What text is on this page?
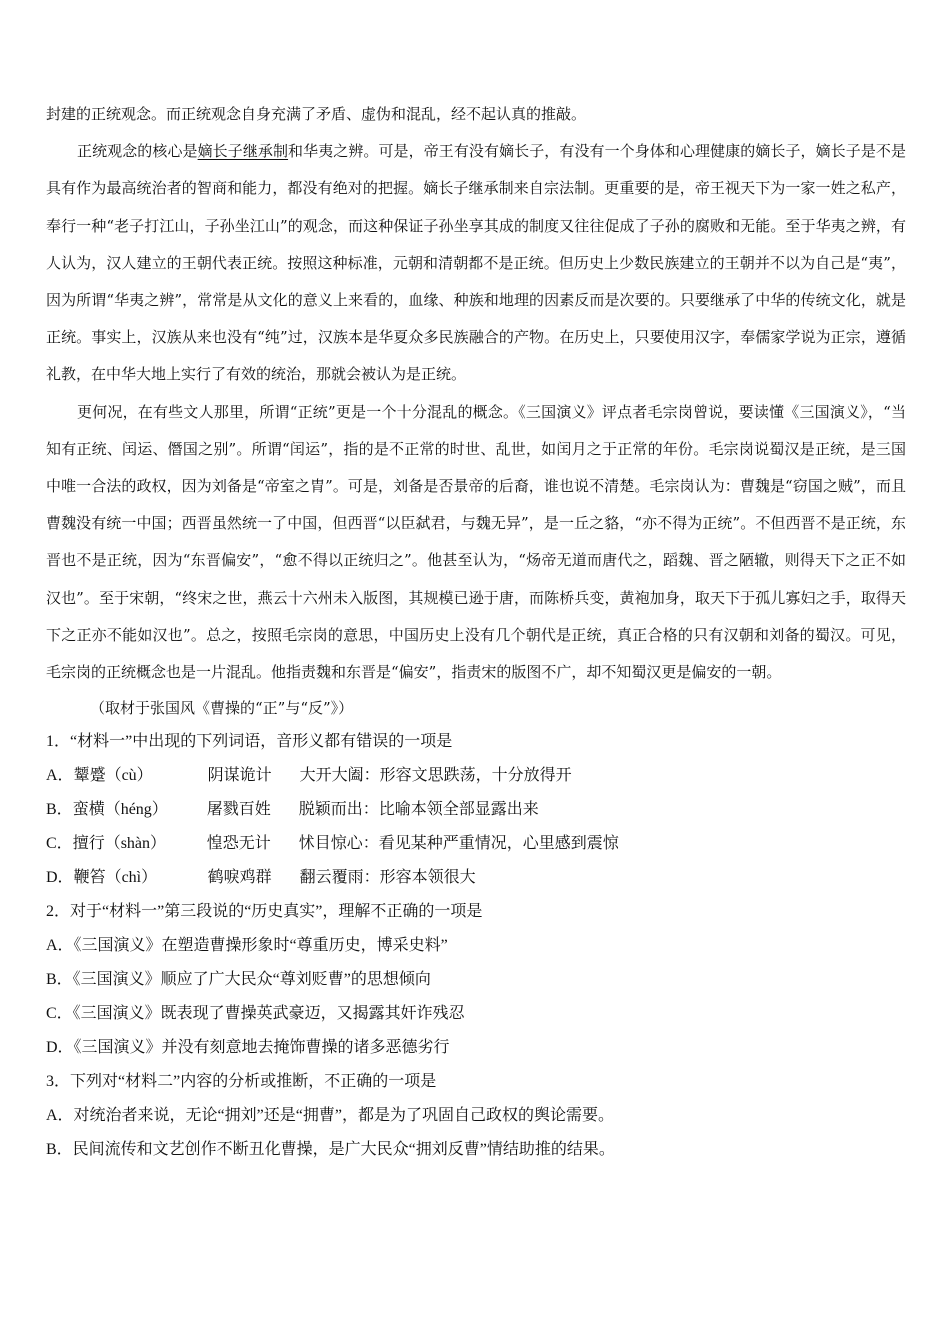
封建的正统观念。而正统观念自身充满了矛盾、虚伪和混乱，经不起认真的推敲。

正统观念的核心是嫡长子继承制和华夷之辨。可是，帝王有没有嫡长子，有没有一个身体和心理健康的嫡长子，嫡长子是不是具有作为最高统治者的智商和能力，都没有绝对的把握。嫡长子继承制来自宗法制。更重要的是，帝王视天下为一家一姓之私产，奉行一种“老子打江山，子孙坐江山”的观念，而这种保证子孙坐享其成的制度又往往促成了子孙的腐败和无能。至于华夷之辨，有人认为，汉人建立的王朝代表正统。按照这种标准，元朝和清朝都不是正统。但历史上少数民族建立的王朝并不以为自己是“夷”，因为所谓“华夷之辨”，常常是从文化的意义上来看的，血缘、种族和地理的因素反而是次要的。只要继承了中华的传统文化，就是正统。事实上，汉族从来也没有“纯”过，汉族本是华夏众多民族融合的产物。在历史上，只要使用汉字，奉儒家学说为正宗，遵循礼教，在中华大地上实行了有效的统治，那就会被认为是正统。

更何况，在有些文人那里，所谓“正统”更是一个十分混乱的概念。《三国演义》评点者毛宗岗曾说，要读懂《三国演义》，“当知有正统、闰运、僭国之别”。所谓“闰运”，指的是不正常的时世、乱世，如闰月之于正常的年份。毛宗岗说蜀汉是正统，是三国中唯一合法的政权，因为刘备是“帝室之胄”。可是，刘备是否景帝的后裔，谁也说不清楚。毛宗岗认为：曹魏是“窃国之贼”，而且曹魏没有统一中国；西晋虽然统一了中国，但西晋“以臣弑君，与魏无异”，是一丘之貉，“亦不得为正统”。不但西晋不是正统，东晋也不是正统，因为“东晋偏安”，“愈不得以正统归之”。他甚至认为，“炀帝无道而唐代之，蹈魏、晋之陋辙，则得天下之正不如汉也”。至于宋朝，“终宋之世，燕云十六州未入版图，其规模已逊于唐，而陈桥兵变，黄袍加身，取天下于孤儿寡妇之手，取得天下之正亦不能如汉也”。总之，按照毛宗岗的意思，中国历史上没有几个朝代是正统，真正合格的只有汉朝和刘备的蜀汉。可见，毛宗岗的正统概念也是一片混乱。他指责魏和东晋是“偏安”，指责宋的版图不广，却不知蜀汉更是偏安的一朝。

（取材于张国风《曹操的“正”与“反”》）

1．“材料一”中出现的下列词语，音形义都有错误的一项是

A．颦蹙（cù）	阴谋诡计 大开大阖：形容文思跌荡，十分放得开

B．蛮横（héng） 屠戮百姓 脱颖而出：比喻本领全部显露出来

C．擅行（shàn）	惶恐无计 怵目惊心：看见某种严重情况，心里感到震惊

D．鞭笞（chì）	鹤唳鸡群 翻云覆雨：形容本领很大

2．对于“材料一”第三段说的“历史真实”，理解不正确的一项是

A．《三国演义》在塑造曹操形象时“尊重历史，博采史料”

B．《三国演义》顺应了广大民众“尊刘贬曹”的思想倾向

C．《三国演义》既表现了曹操英武豪迈，又揭露其奸诈残忍

D．《三国演义》并没有刻意地去掩饰曹操的诸多恶德劣行

3．下列对“材料二”内容的分析或推断，不正确的一项是

A．对统治者来说，无论“拥刘”还是“拥曹”，都是为了巩固自己政权的舆论需要。

B．民间流传和文艺创作不断丑化曹操，是广大民众“拥刘反曹”情结助推的结果。
